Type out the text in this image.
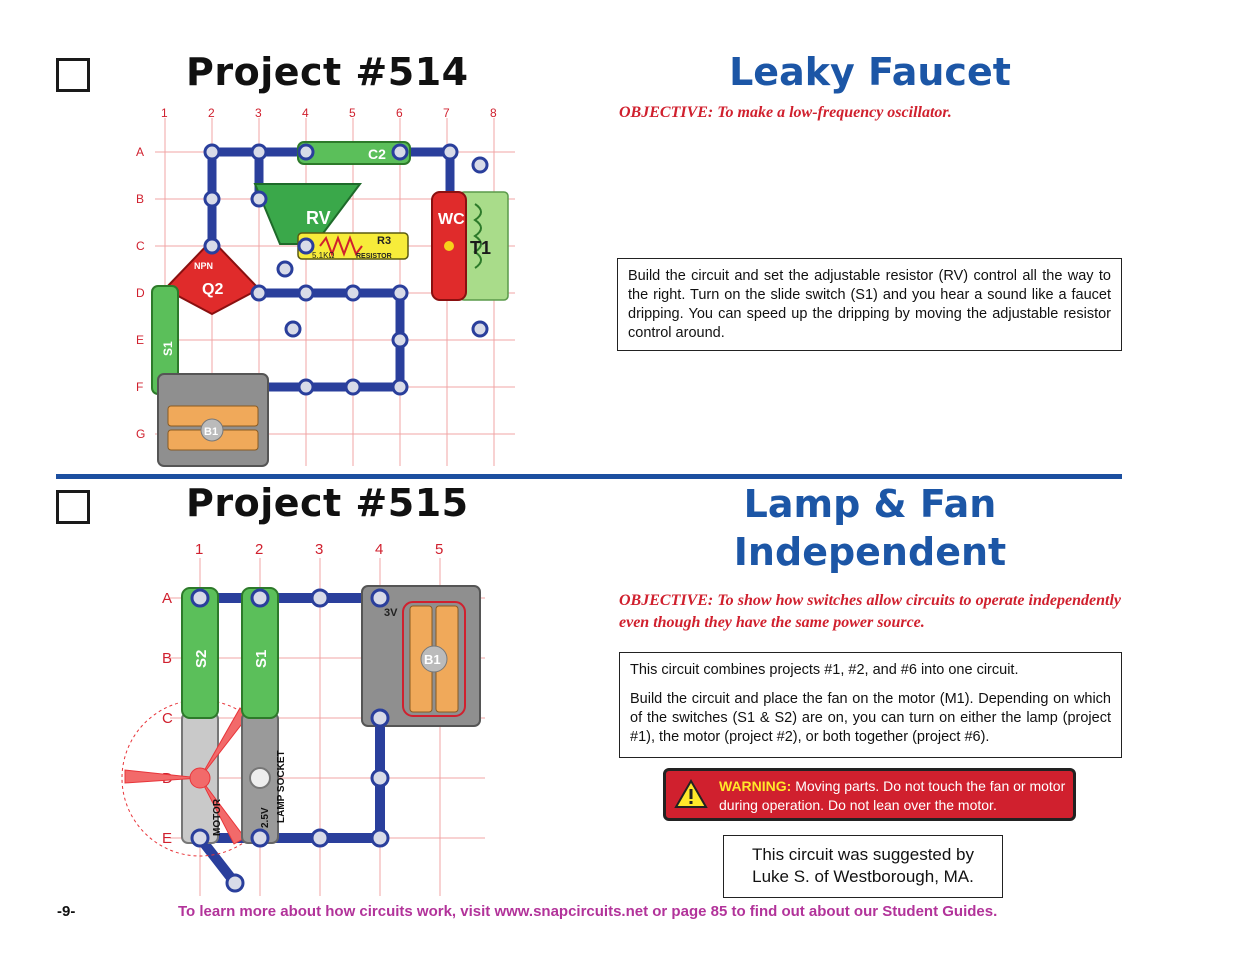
Project #514	Leaky Faucet
OBJECTIVE: To make a low-frequency oscillator.
1	2	3	4	5	6	7	8
A
B
C
D
E
F
G
RV
C2
R3
5.1KΩ	RESISTOR	T1
WC
Q2
NPN
S1
B1
Build the circuit and set the adjustable resistor (RV) control all the way to the right. Turn on the slide switch (S1) and you hear a sound like a faucet dripping. You can speed up the dripping by moving the adjustable resistor control around.
Project #515	Lamp & Fan
Independent
OBJECTIVE: To show how switches allow circuits to operate independently even though they have the same power source.
1	2	3	4	5
A
B
C
E
B1
3V
LAMP SOCKET
2.5V
MOTOR
S2	S1

This circuit combines projects #1, #2, and #6 into one circuit.

Build the circuit and place the fan on the motor (M1). Depending on which of the switches (S1 & S2) are on, you can turn on either the lamp (project #1), the motor (project #2), or both together (project #6).

WARNING: Moving parts. Do not touch the fan or motor during operation. Do not lean over the motor.
This circuit was suggested by
Luke S. of Westborough, MA.
-9-	To learn more about how circuits work, visit www.snapcircuits.net or page 85 to find out about our Student Guides.
